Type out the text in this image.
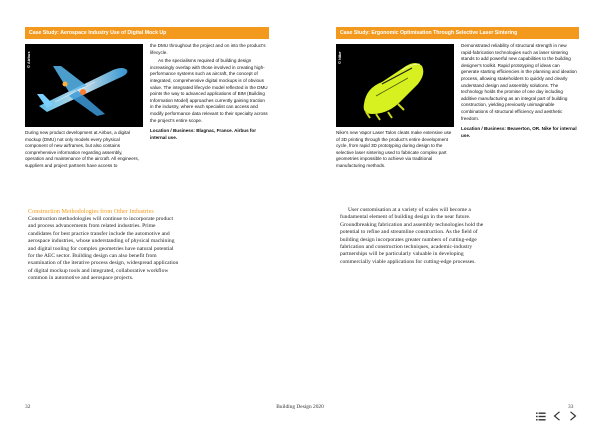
Case Study: Aerospace Industry Use of Digital Mock Up
© Airbus
During new product development at Airbus, a digital mockup (DMU) not only models every physical component of new airframes, but also contains comprehensive information regarding assembly, operation and maintenance of the aircraft. All engineers, suppliers and project partners have access to

the DMU throughout the project and on into the product's lifecycle.

As the specialisms required of building design increasingly overlap with those involved in creating high-performance systems such as aircraft, the concept of integrated, comprehensive digital mockups is of obvious value. The integrated lifecycle model reflected in the DMU points the way to advanced applications of BIM (Building Information Model) approaches currently gaining traction in the industry, where each specialist can access and modify performance data relevant to their specialty across the project's entire scope.

Location / Business: Blagnac, France. Airbus for internal use.

Construction Methodologies from Other Industries
Construction methodologies will continue to incorporate product and process advancements from related industries. Prime candidates for best practice transfer include the automotive and aerospace industries, whose understanding of physical machining and digital tooling for complex geometries have natural potential for the AEC sector. Building design can also benefit from examination of the iterative process design, widespread application of digital mockup tools and integrated, collaborative workflow common in automotive and aerospace projects.
32
Case Study: Ergonomic Optimisation Through Selective Laser Sintering
© Nike
Nike's new Vapor Laser Talon cleats make extensive use of 3D printing through the product's entire development cycle, from rapid 3D prototyping during design to the selective laser sintering used to fabricate complex part geometries impossible to achieve via traditional manufacturing methods.

Demonstrated reliability of structural strength in new rapid-fabrication technologies such as laser sintering stands to add powerful new capabilities to the building designer's toolkit. Rapid prototyping of ideas can generate starting efficiencies in the planning and ideation process, allowing stakeholders to quickly and clearly understand design and assembly solutions. The technology holds the promise of one day including additive manufacturing as an integral part of building construction, yielding previously unimaginable combinations of structural efficiency and aesthetic freedom.

Location / Business: Beaverton, OR. Nike for internal use.

User customisation at a variety of scales will become a fundamental element of building design in the near future. Groundbreaking fabrication and assembly technologies hold the potential to refine and streamline construction. As the field of building design incorporates greater numbers of cutting-edge fabrication and construction techniques, academic-industry partnerships will be particularly valuable in developing commercially viable applications for cutting-edge processes.
Building Design 2020	33
